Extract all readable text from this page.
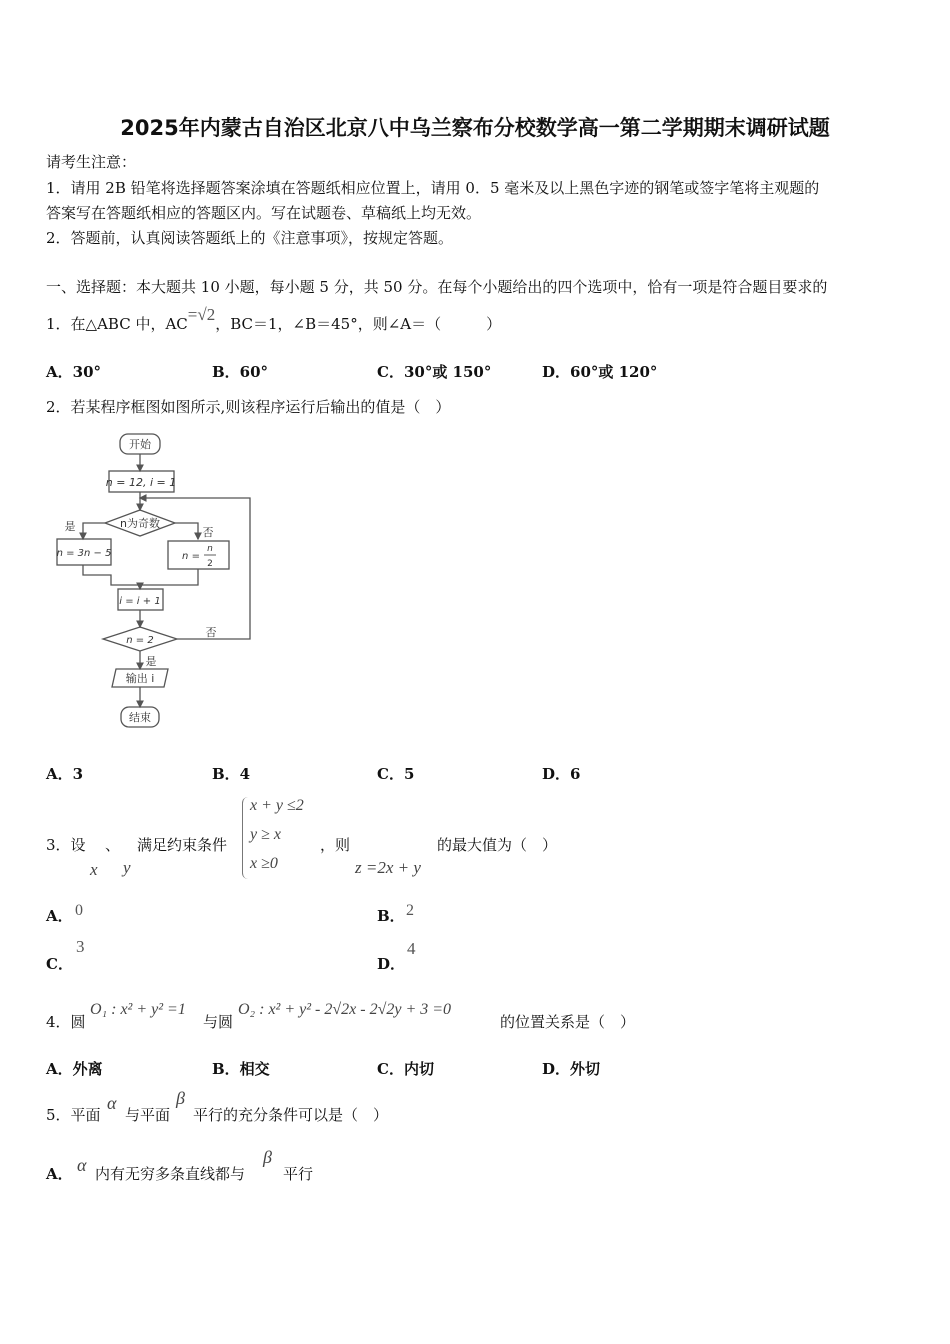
2025年内蒙古自治区北京八中乌兰察布分校数学高一第二学期期末调研试题
请考生注意：
1．请用 2B 铅笔将选择题答案涂填在答题纸相应位置上，请用 0．5 毫米及以上黑色字迹的钢笔或签字笔将主观题的
答案写在答题纸相应的答题区内。写在试题卷、草稿纸上均无效。
2．答题前，认真阅读答题纸上的《注意事项》，按规定答题。
一、选择题：本大题共 10 小题，每小题 5 分，共 50 分。在每个小题给出的四个选项中，恰有一项是符合题目要求的
1．在△ABC 中，AC=√2，BC＝1，∠B＝45°，则∠A＝（　　　）
A．30°	B．60°	C．30°或 150°	D．60°或 120°
2．若某程序框图如图所示,则该程序运行后输出的值是（　）
开始
n = 12, i = 1
n为奇数
是	否
n = 3n − 5	n =
n
2
i = i + 1
n = 2
否
是
输出 i
结束
A．3	B．4	C．5	D．6
3．设 、 满足约束条件
x y
x + y ≤2
y ≥ x
x ≥0
，则
z =2x + y
的最大值为（　）
A． 0	B． 2
C．
3
D．
4
4．圆
O₁ : x² + y² =1
与圆
O₂ : x² + y² - 2√2x - 2√2y + 3 =0
的位置关系是（　）
A．外离	B．相交	C．内切	D．外切
5．平面
α
与平面
β
平行的充分条件可以是（　）
A． α 内有无穷多条直线都与
β
平行
